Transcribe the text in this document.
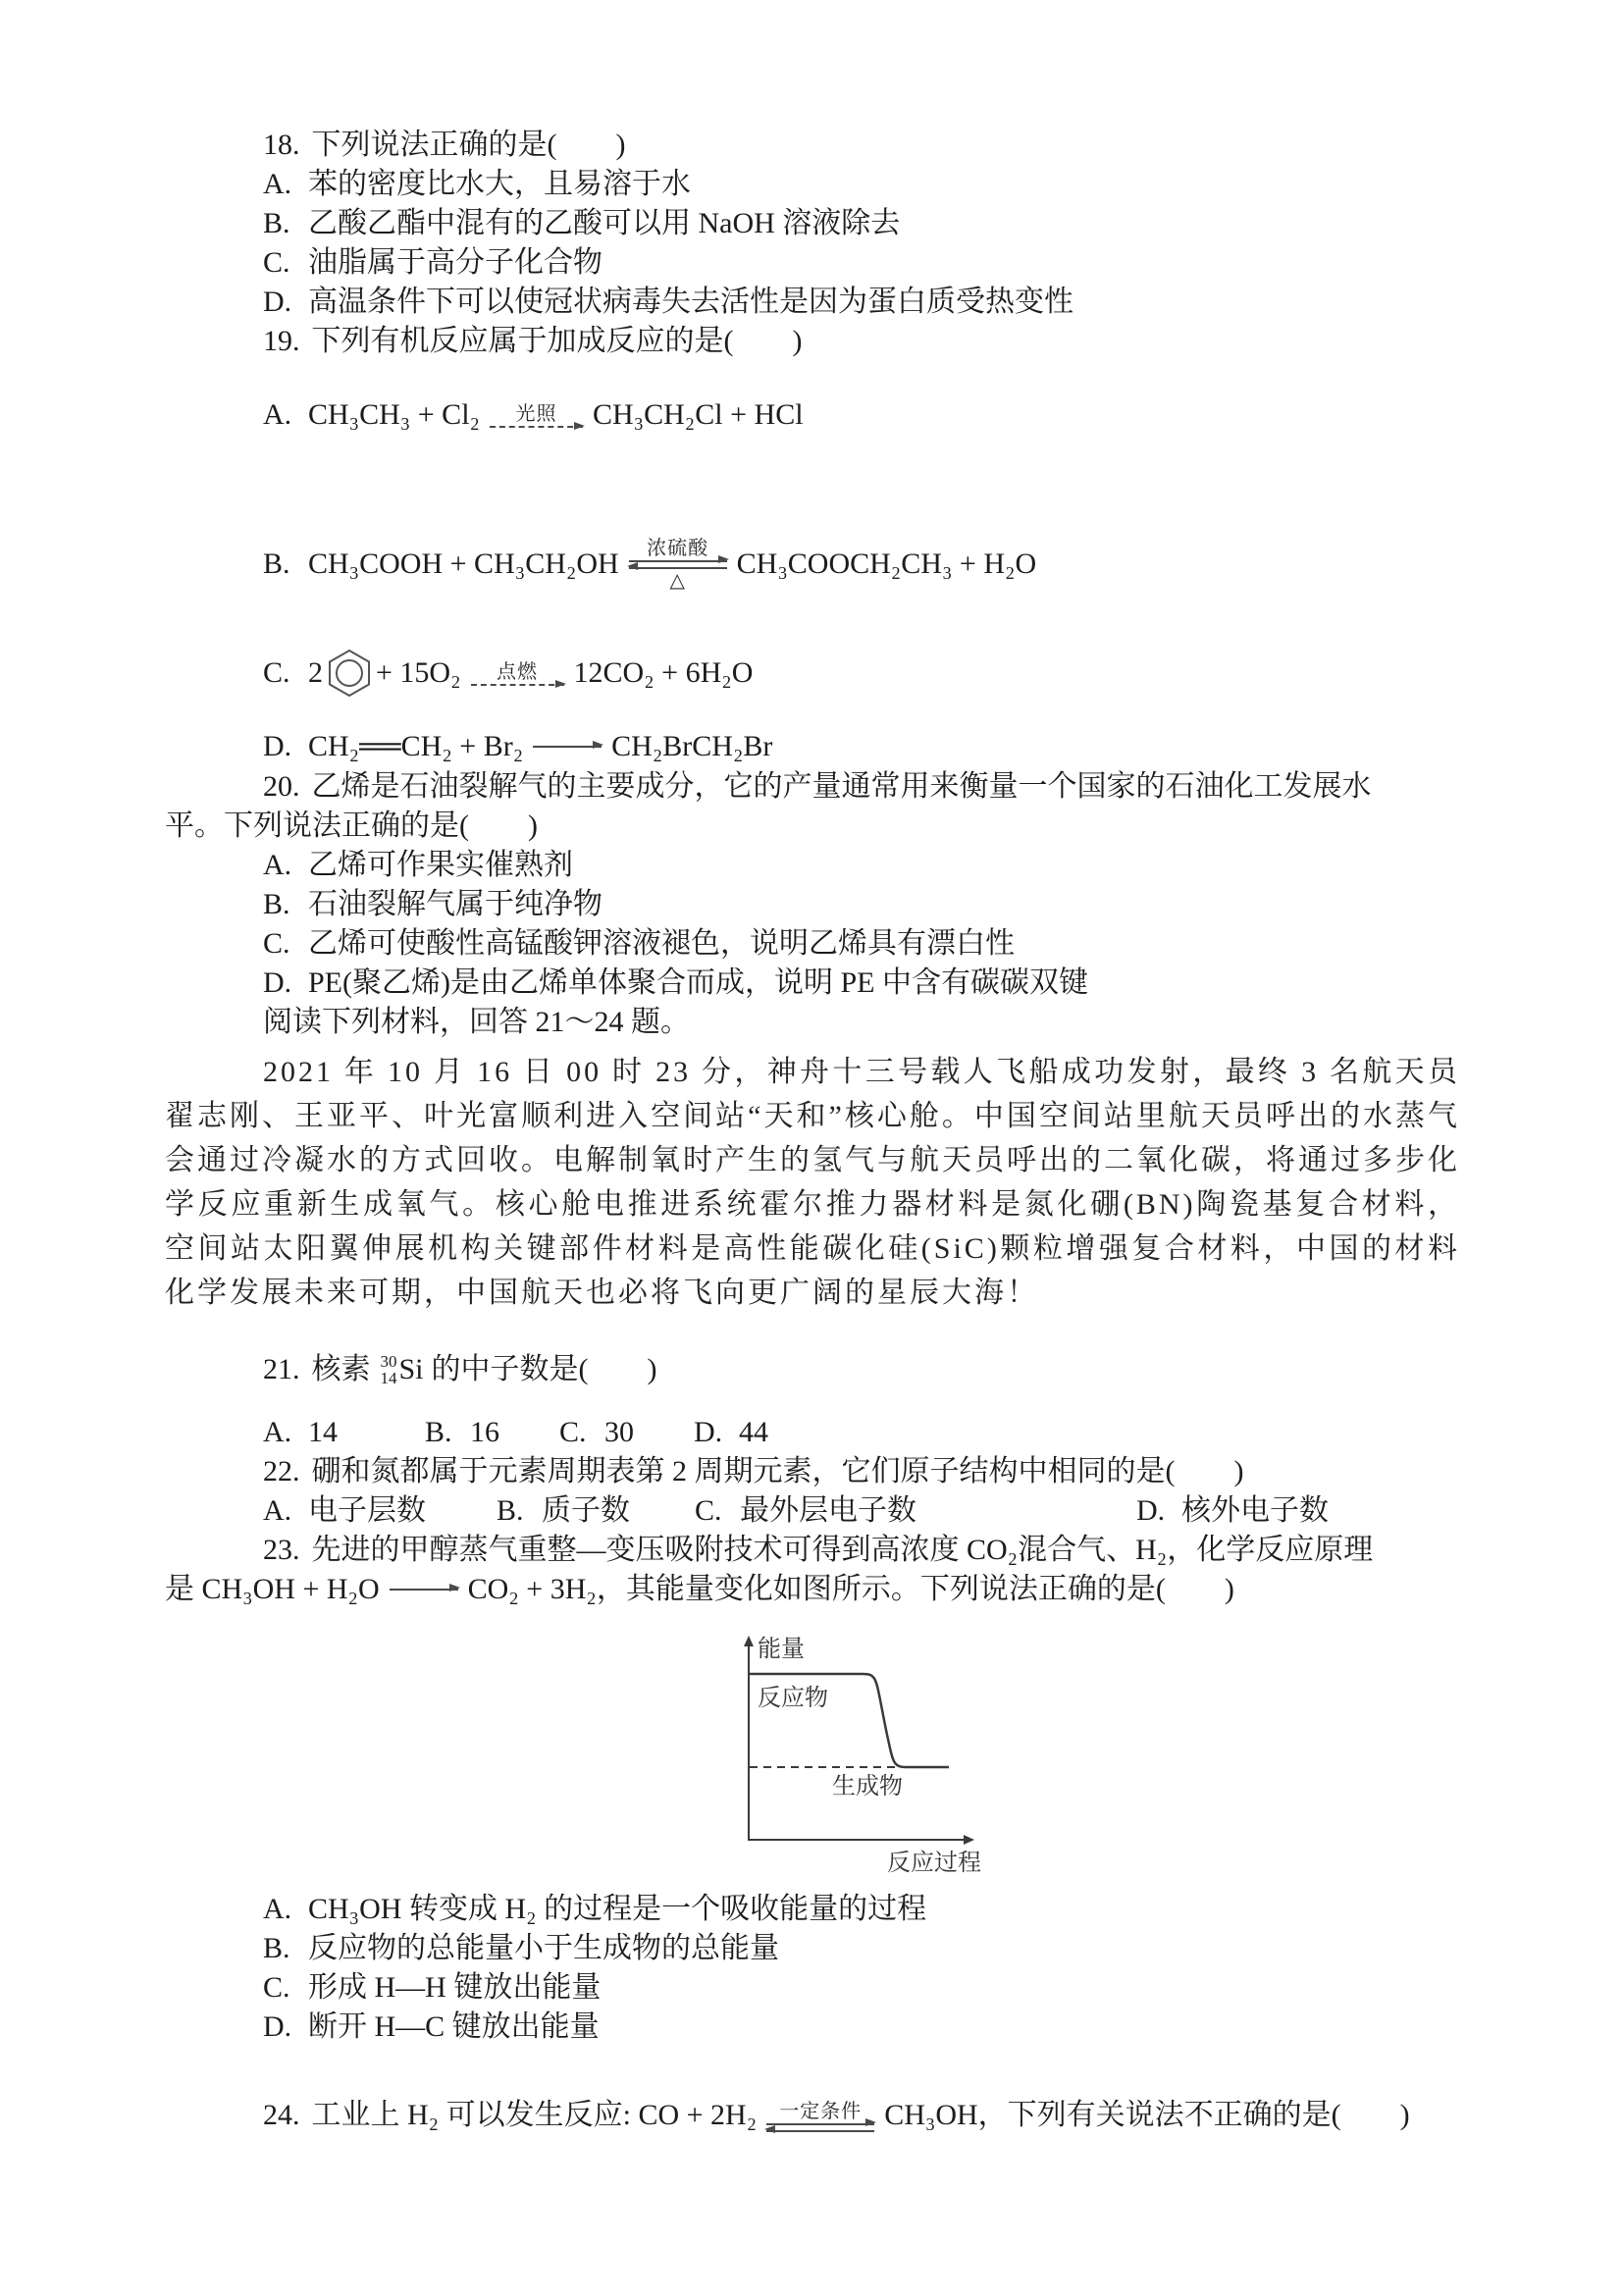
18. 下列说法正确的是(　　)
A. 苯的密度比水大，且易溶于水
B. 乙酸乙酯中混有的乙酸可以用 NaOH 溶液除去
C. 油脂属于高分子化合物
D. 高温条件下可以使冠状病毒失去活性是因为蛋白质受热变性
19. 下列有机反应属于加成反应的是(　　)
A. CH₃CH₃ + Cl₂ 光照 CH₃CH₂Cl + HCl
B. CH₃COOH + CH₃CH₂OH 浓硫酸
△
CH₃COOCH₂CH₃ + H₂O
C. 2 + 15O₂ 点燃 12CO₂ + 6H₂O
D. CH₂══CH₂ + Br₂ → CH₂BrCH₂Br
20. 乙烯是石油裂解气的主要成分，它的产量通常用来衡量一个国家的石油化工发展水
平。下列说法正确的是(　　)
A. 乙烯可作果实催熟剂
B. 石油裂解气属于纯净物
C. 乙烯可使酸性高锰酸钾溶液褪色，说明乙烯具有漂白性
D. PE(聚乙烯)是由乙烯单体聚合而成，说明 PE 中含有碳碳双键
阅读下列材料，回答 21～24 题。
2021 年 10 月 16 日 00 时 23 分，神舟十三号载人飞船成功发射，最终 3 名航天员翟志刚、王亚平、叶光富顺利进入空间站“天和”核心舱。中国空间站里航天员呼出的水蒸气会通过冷凝水的方式回收。电解制氧时产生的氢气与航天员呼出的二氧化碳，将通过多步化学反应重新生成氧气。核心舱电推进系统霍尔推力器材料是氮化硼(BN)陶瓷基复合材料，空间站太阳翼伸展机构关键部件材料是高性能碳化硅(SiC)颗粒增强复合材料，中国的材料化学发展未来可期，中国航天也必将飞向更广阔的星辰大海！
21. 核素 30
14 Si 的中子数是(　　)
A. 14	B. 16	C. 30	D. 44
22. 硼和氮都属于元素周期表第 2 周期元素，它们原子结构中相同的是(　　)
A. 电子层数	B. 质子数	C. 最外层电子数	D. 核外电子数
23. 先进的甲醇蒸气重整—变压吸附技术可得到高浓度 CO₂混合气、H₂，化学反应原理
是 CH₃OH + H₂O → CO₂ + 3H₂，其能量变化如图所示。下列说法正确的是(　　)
能量
反应物
生成物
反应过程
A. CH₃OH 转变成 H₂ 的过程是一个吸收能量的过程
B. 反应物的总能量小于生成物的总能量
C. 形成 H—H 键放出能量
D. 断开 H—C 键放出能量
24. 工业上 H₂ 可以发生反应: CO + 2H₂ 一定条件 CH₃OH，下列有关说法不正确的是(　　)
